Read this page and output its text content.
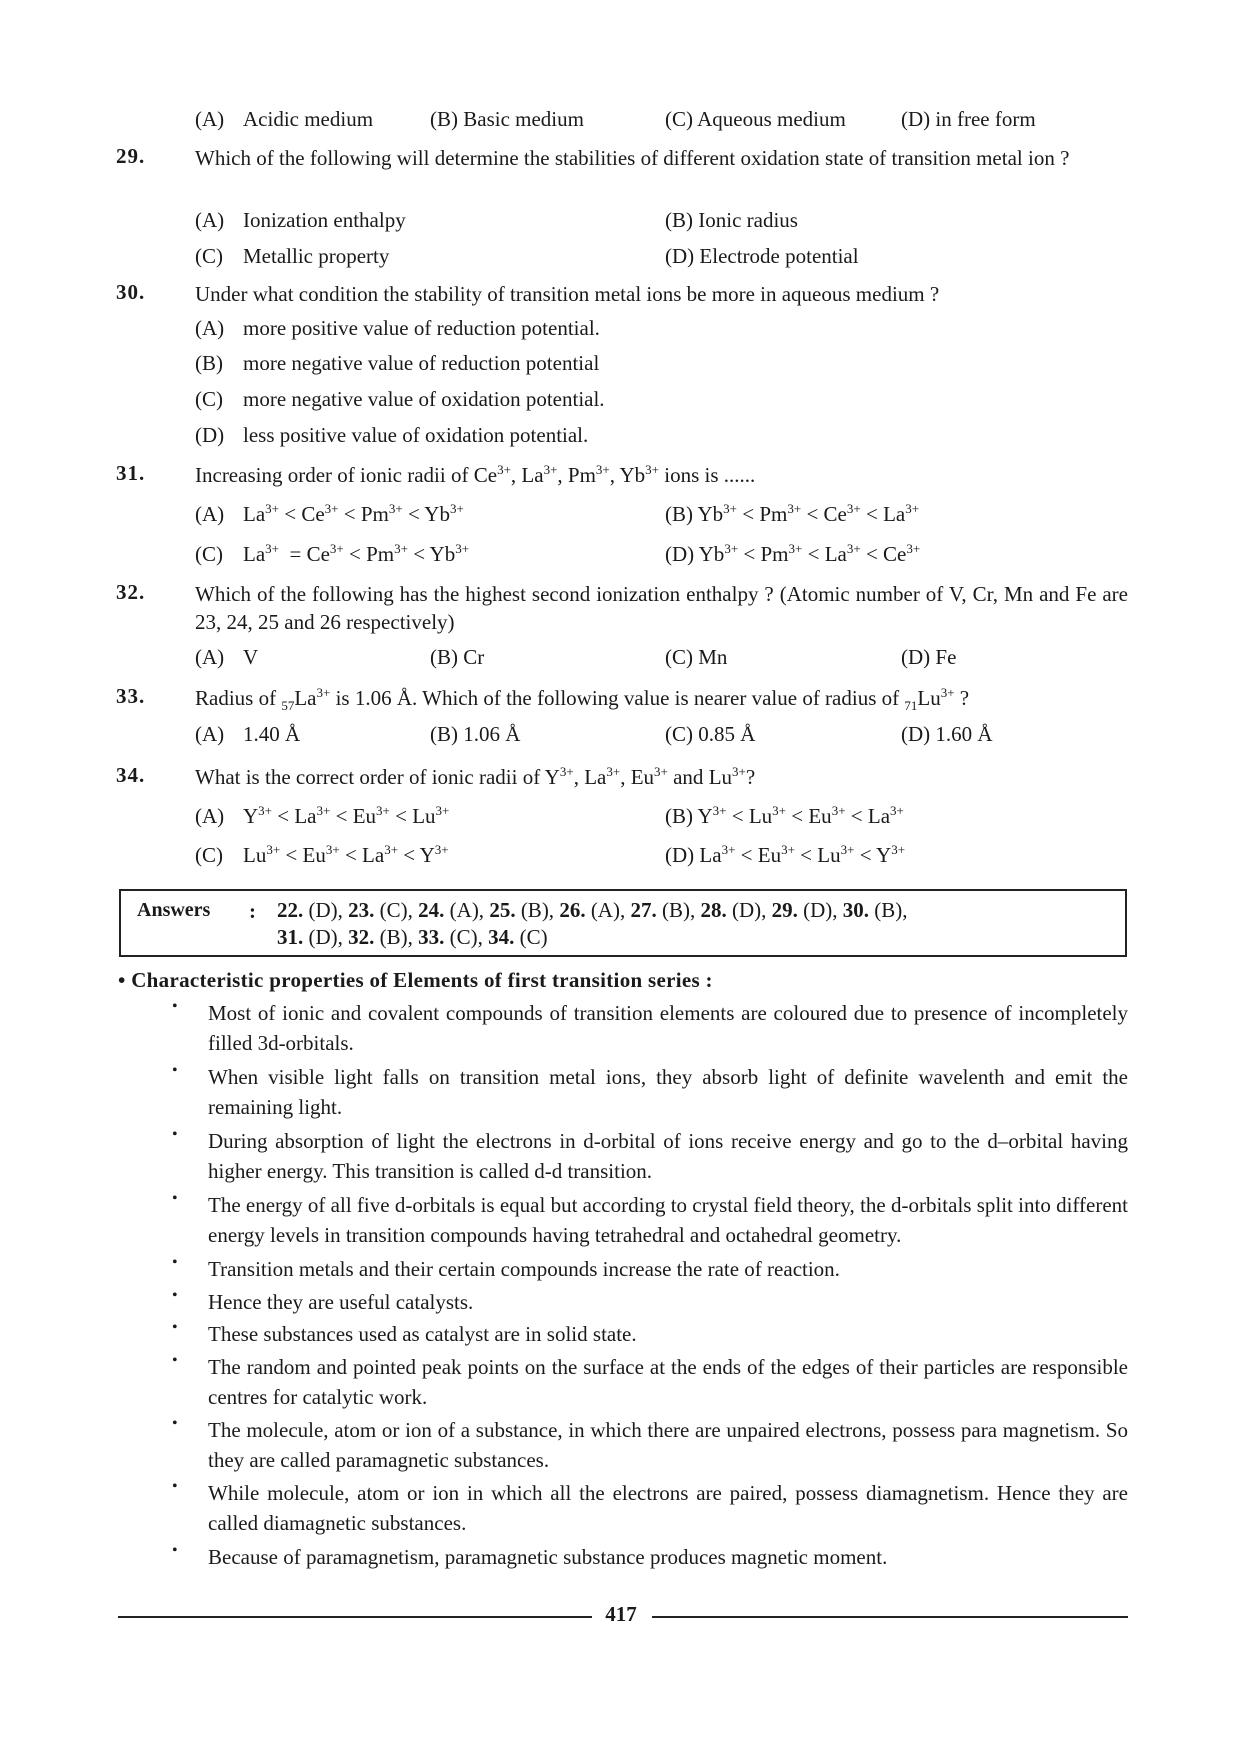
(A) Acidic medium	(B) Basic medium	(C) Aqueous medium	(D) in free form
29. Which of the following will determine the stabilities of different oxidation state of transition metal ion ?
(A) Ionization enthalpy	(B) Ionic radius
(C) Metallic property	(D) Electrode potential
30. Under what condition the stability of transition metal ions be more in aqueous medium ?
(A) more positive value of reduction potential.
(B) more negative value of reduction potential
(C) more negative value of oxidation potential.
(D) less positive value of oxidation potential.
31. Increasing order of ionic radii of $Ce^{3+}$, $La^{3+}$, $Pm^{3+}$, $Yb^{3+}$ ions is ......
(A) $La^{3+} < Ce^{3+} < Pm^{3+} < Yb^{3+}$	(B) $Yb^{3+} < Pm^{3+} < Ce^{3+} < La^{3+}$
(C) $La^{3+} = Ce^{3+} < Pm^{3+} < Yb^{3+}$	(D) $Yb^{3+} < Pm^{3+} < La^{3+} < Ce^{3+}$
32. Which of the following has the highest second ionization enthalpy ? (Atomic number of V, Cr, Mn and Fe are 23, 24, 25 and 26 respectively)
(A) V	(B) Cr	(C) Mn	(D) Fe
33. Radius of $_{57}La^{3+}$ is 1.06 Å. Which of the following value is nearer value of radius of $_{71}Lu^{3+}$ ?
(A) 1.40 Å	(B) 1.06 Å	(C) 0.85 Å	(D) 1.60 Å
34. What is the correct order of ionic radii of $Y^{3+}$, $La^{3+}$, $Eu^{3+}$ and $Lu^{3+}$?
(A) $Y^{3+} < La^{3+} < Eu^{3+} < Lu^{3+}$	(B) $Y^{3+} < Lu^{3+} < Eu^{3+} < La^{3+}$
(C) $Lu^{3+} < Eu^{3+} < La^{3+} < Y^{3+}$	(D) $La^{3+} < Eu^{3+} < Lu^{3+} < Y^{3+}$
Answers : 22. (D), 23. (C), 24. (A), 25. (B), 26. (A), 27. (B), 28. (D), 29. (D), 30. (B),
31. (D), 32. (B), 33. (C), 34. (C)
• Characteristic properties of Elements of first transition series :
• Most of ionic and covalent compounds of transition elements are coloured due to presence of incompletely filled 3d-orbitals.
• When visible light falls on transition metal ions, they absorb light of definite wavelenth and emit the remaining light.
• During absorption of light the electrons in d-orbital of ions receive energy and go to the d–orbital having higher energy. This transition is called d-d transition.
• The energy of all five d-orbitals is equal but according to crystal field theory, the d-orbitals split into different energy levels in transition compounds having tetrahedral and octahedral geometry.
• Transition metals and their certain compounds increase the rate of reaction.
• Hence they are useful catalysts.
• These substances used as catalyst are in solid state.
• The random and pointed peak points on the surface at the ends of the edges of their particles are responsible centres for catalytic work.
• The molecule, atom or ion of a substance, in which there are unpaired electrons, possess para magnetism. So they are called paramagnetic substances.
• While molecule, atom or ion in which all the electrons are paired, possess diamagnetism. Hence they are called diamagnetic substances.
• Because of paramagnetism, paramagnetic substance produces magnetic moment.
417
